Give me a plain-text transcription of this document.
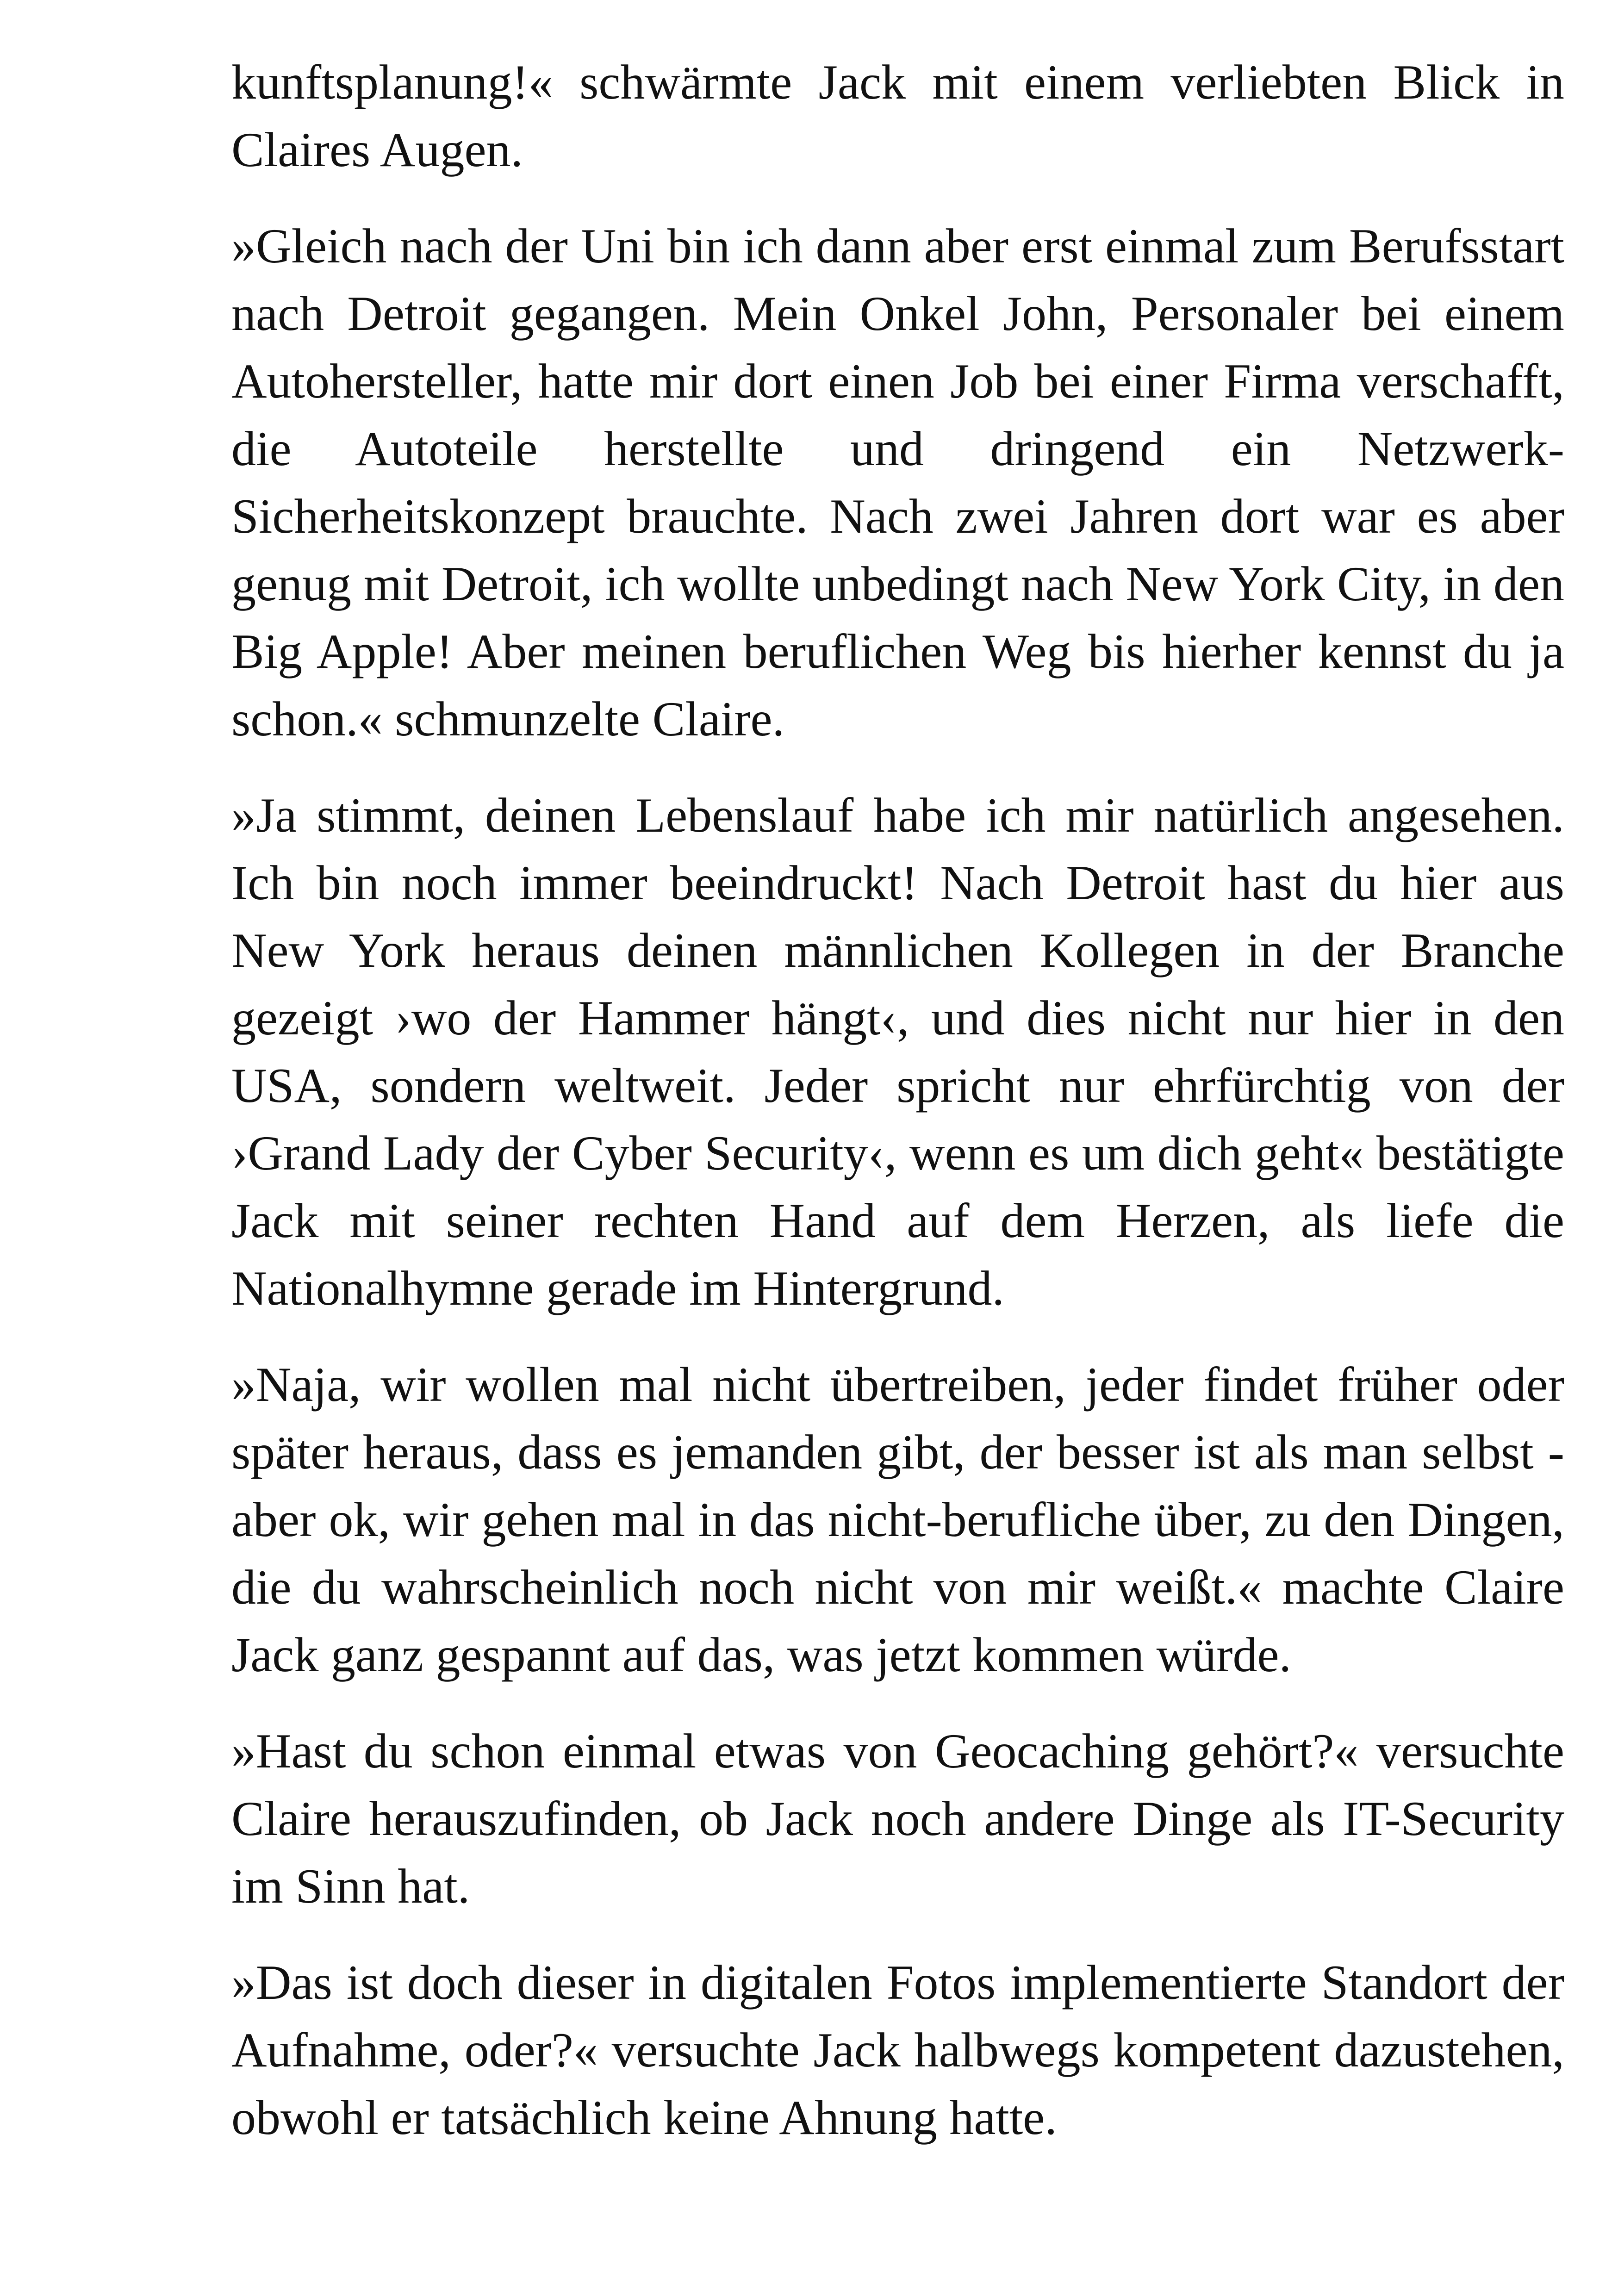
kunftsplanung!« schwärmte Jack mit einem verliebten Blick in Claires Augen.

»Gleich nach der Uni bin ich dann aber erst einmal zum Berufsstart nach Detroit gegangen. Mein Onkel John, Personaler bei einem Autohersteller, hatte mir dort einen Job bei einer Firma verschafft, die Autoteile herstellte und dringend ein Netzwerk-Sicherheitskonzept brauchte. Nach zwei Jahren dort war es aber genug mit Detroit, ich wollte unbedingt nach New York City, in den Big Apple! Aber meinen beruflichen Weg bis hierher kennst du ja schon.« schmunzelte Claire.

»Ja stimmt, deinen Lebenslauf habe ich mir natürlich angesehen. Ich bin noch immer beeindruckt! Nach Detroit hast du hier aus New York heraus deinen männlichen Kollegen in der Branche gezeigt ›wo der Hammer hängt‹, und dies nicht nur hier in den USA, sondern weltweit. Jeder spricht nur ehrfürchtig von der ›Grand Lady der Cyber Security‹, wenn es um dich geht« bestätigte Jack mit seiner rechten Hand auf dem Herzen, als liefe die Nationalhymne gerade im Hintergrund.

»Naja, wir wollen mal nicht übertreiben, jeder findet früher oder später heraus, dass es jemanden gibt, der besser ist als man selbst - aber ok, wir gehen mal in das nicht-berufliche über, zu den Dingen, die du wahrscheinlich noch nicht von mir weißt.« machte Claire Jack ganz gespannt auf das, was jetzt kommen würde.

»Hast du schon einmal etwas von Geocaching gehört?« versuchte Claire herauszufinden, ob Jack noch andere Dinge als IT-Security im Sinn hat.

»Das ist doch dieser in digitalen Fotos implementierte Standort der Aufnahme, oder?« versuchte Jack halbwegs kompetent dazustehen, obwohl er tatsächlich keine Ahnung hatte.
